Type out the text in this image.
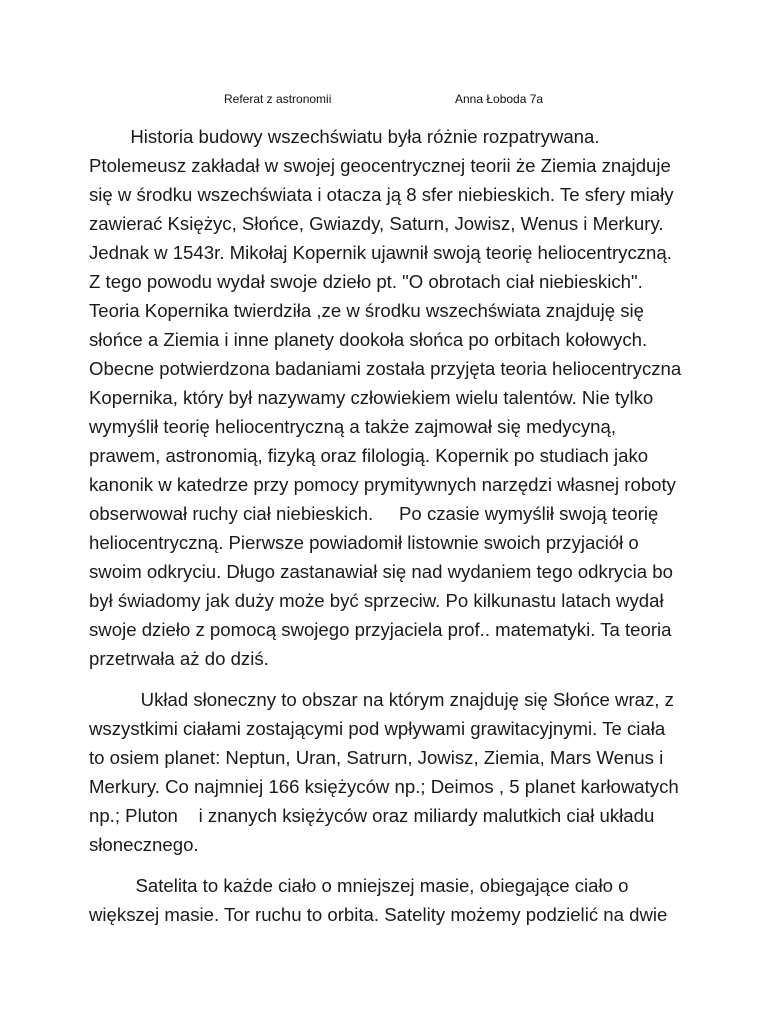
Referat z astronomii	Anna Łoboda 7a
Historia budowy wszechświatu była różnie rozpatrywana.
Ptolemeusz zakładał w swojej geocentrycznej teorii że Ziemia znajduje
się w środku wszechświata i otacza ją 8 sfer niebieskich. Te sfery miały
zawierać Księżyc, Słońce, Gwiazdy, Saturn, Jowisz, Wenus i Merkury.
Jednak w 1543r. Mikołaj Kopernik ujawnił swoją teorię heliocentryczną.
Z tego powodu wydał swoje dzieło pt. "O obrotach ciał niebieskich".
Teoria Kopernika twierdziła ,ze w środku wszechświata znajduję się
słońce a Ziemia i inne planety dookoła słońca po orbitach kołowych.
Obecne potwierdzona badaniami została przyjęta teoria heliocentryczna
Kopernika, który był nazywamy człowiekiem wielu talentów. Nie tylko
wymyślił teorię heliocentryczną a także zajmował się medycyną,
prawem, astronomią, fizyką oraz filologią. Kopernik po studiach jako
kanonik w katedrze przy pomocy prymitywnych narzędzi własnej roboty
obserwował ruchy ciał niebieskich.     Po czasie wymyślił swoją teorię
heliocentryczną. Pierwsze powiadomił listownie swoich przyjaciół o
swoim odkryciu. Długo zastanawiał się nad wydaniem tego odkrycia bo
był świadomy jak duży może być sprzeciw. Po kilkunastu latach wydał
swoje dzieło z pomocą swojego przyjaciela prof.. matematyki. Ta teoria
przetrwała aż do dziś.
Układ słoneczny to obszar na którym znajduję się Słońce wraz, z
wszystkimi ciałami zostającymi pod wpływami grawitacyjnymi. Te ciała
to osiem planet: Neptun, Uran, Satrurn, Jowisz, Ziemia, Mars Wenus i
Merkury. Co najmniej 166 księżyców np.; Deimos , 5 planet karłowatych
np.; Pluton    i znanych księżyców oraz miliardy malutkich ciał układu
słonecznego.
Satelita to każde ciało o mniejszej masie, obiegające ciało o
większej masie. Tor ruchu to orbita. Satelity możemy podzielić na dwie
